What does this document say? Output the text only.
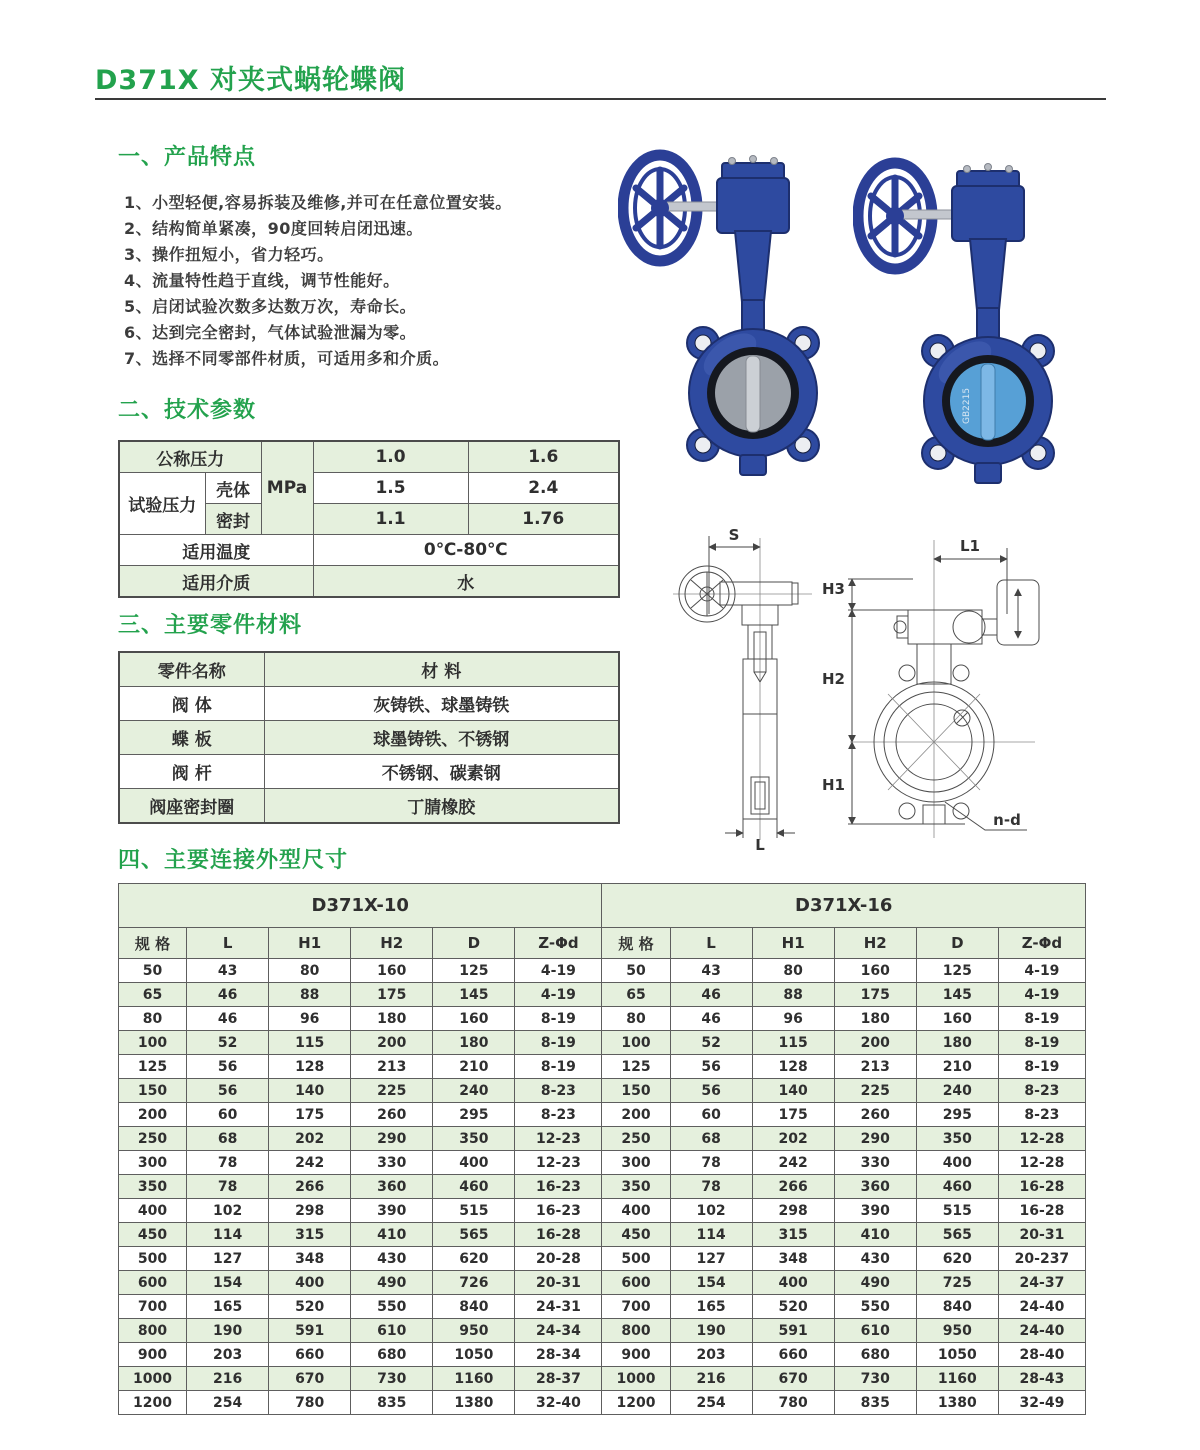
D371X 对夹式蜗轮蝶阀
一、产品特点
1、小型轻便,容易拆装及维修,并可在任意位置安装。
2、结构简单紧凑，90度回转启闭迅速。
3、操作扭短小，省力轻巧。
4、流量特性趋于直线，调节性能好。
5、启闭试验次数多达数万次，寿命长。
6、达到完全密封，气体试验泄漏为零。
7、选择不同零部件材质，可适用多和介质。
二、技术参数
公称压力		MPa	1.0	1.6
试验压力	壳体		1.5	2.4
	密封		1.1	1.76
适用温度			0℃-80℃	
适用介质			水	
三、主要零件材料
零件名称	材 料
阀 体	灰铸铁、球墨铸铁
蝶 板	球墨铸铁、不锈钢
阀 杆	不锈钢、碳素钢
阀座密封圈	丁腈橡胶
四、主要连接外型尺寸
D371X-10						D371X-16					
规 格	L	H1	H2	D	Z-Φd	规 格	L	H1	H2	D	Z-Φd
50	43	80	160	125	4-19	50	43	80	160	125	4-19
65	46	88	175	145	4-19	65	46	88	175	145	4-19
80	46	96	180	160	8-19	80	46	96	180	160	8-19
100	52	115	200	180	8-19	100	52	115	200	180	8-19
125	56	128	213	210	8-19	125	56	128	213	210	8-19
150	56	140	225	240	8-23	150	56	140	225	240	8-23
200	60	175	260	295	8-23	200	60	175	260	295	8-23
250	68	202	290	350	12-23	250	68	202	290	350	12-28
300	78	242	330	400	12-23	300	78	242	330	400	12-28
350	78	266	360	460	16-23	350	78	266	360	460	16-28
400	102	298	390	515	16-23	400	102	298	390	515	16-28
450	114	315	410	565	16-28	450	114	315	410	565	20-31
500	127	348	430	620	20-28	500	127	348	430	620	20-237
600	154	400	490	726	20-31	600	154	400	490	725	24-37
700	165	520	550	840	24-31	700	165	520	550	840	24-40
800	190	591	610	950	24-34	800	190	591	610	950	24-40
900	203	660	680	1050	28-34	900	203	660	680	1050	28-40
1000	216	670	730	1160	28-37	1000	216	670	730	1160	28-43
1200	254	780	835	1380	32-40	1200	254	780	835	1380	32-49
GB2215
S
L
L1
H3
H2
H1
n-d
